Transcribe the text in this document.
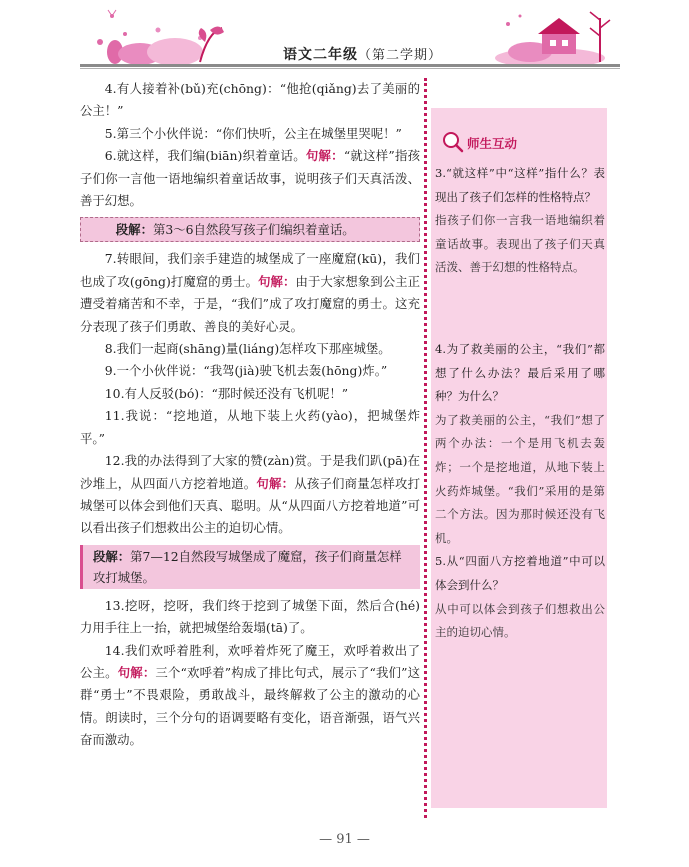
语文二年级（第二学期）

4.有人接着补(bǔ)充(chōng)：“他抢(qiǎng)去了美丽的公主！”

5.第三个小伙伴说：“你们快听，公主在城堡里哭呢！”

6.就这样，我们编(biān)织着童话。句解：“就这样”指孩子们你一言他一语地编织着童话故事，说明孩子们天真活泼、善于幻想。

段解：第3～6自然段写孩子们编织着童话。

7.转眼间，我们亲手建造的城堡成了一座魔窟(kū)，我们也成了攻(gōng)打魔窟的勇士。句解：由于大家想象到公主正遭受着痛苦和不幸，于是，“我们”成了攻打魔窟的勇士。这充分表现了孩子们勇敢、善良的美好心灵。

8.我们一起商(shāng)量(liáng)怎样攻下那座城堡。

9.一个小伙伴说：“我驾(jià)驶飞机去轰(hōng)炸。”

10.有人反驳(bó)：“那时候还没有飞机呢！”

11.我说：“挖地道，从地下装上火药(yào)，把城堡炸平。”

12.我的办法得到了大家的赞(zàn)赏。于是我们趴(pā)在沙堆上，从四面八方挖着地道。句解：从孩子们商量怎样攻打城堡可以体会到他们天真、聪明。从“从四面八方挖着地道”可以看出孩子们想救出公主的迫切心情。

段解：第7—12自然段写城堡成了魔窟，孩子们商量怎样攻打城堡。

13.挖呀，挖呀，我们终于挖到了城堡下面，然后合(hé)力用手往上一抬，就把城堡给轰塌(tā)了。

14.我们欢呼着胜利，欢呼着炸死了魔王，欢呼着救出了公主。句解：三个“欢呼着”构成了排比句式，展示了“我们”这群“勇士”不畏艰险，勇敢战斗，最终解救了公主的激动的心情。朗读时，三个分句的语调要略有变化，语音渐强，语气兴奋而激动。

师生互动

3.“就这样”中“这样”指什么？表现出了孩子们怎样的性格特点？

指孩子们你一言我一语地编织着童话故事。表现出了孩子们天真活泼、善于幻想的性格特点。

4.为了救美丽的公主，“我们”都想了什么办法？最后采用了哪种？为什么？

为了救美丽的公主，“我们”想了两个办法：一个是用飞机去轰炸；一个是挖地道，从地下装上火药炸城堡。“我们”采用的是第二个方法。因为那时候还没有飞机。

5.从“四面八方挖着地道”中可以体会到什么？

从中可以体会到孩子们想救出公主的迫切心情。

— 91 —
